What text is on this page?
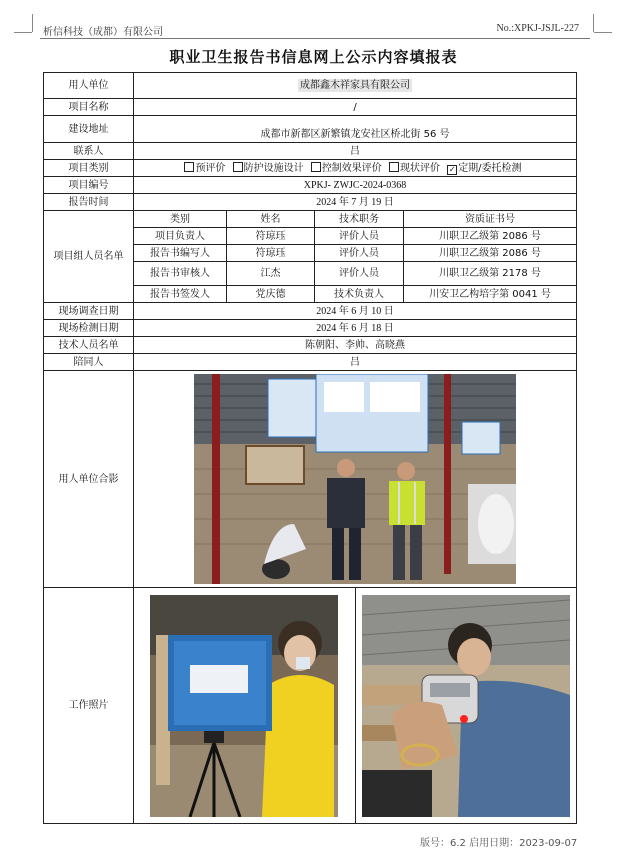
析信科技（成都）有限公司	No.:XPKJ-JSJL-227
职业卫生报告书信息网上公示内容填报表
用人单位	成都鑫木祥家具有限公司
项目名称	/
建设地址	成都市新都区新繁镇龙安社区桥北街 56 号
联系人	吕
项目类别	预评价 防护设施设计 控制效果评价 现状评价 ✓ 定期/委托检测
项目编号	XPKJ- ZWJC-2024-0368
报告时间	2024 年 7 月 19 日
项目组人员名单	类别	姓名	技术职务	资质证书号
项目负责人	符琼珏	评价人员	川职卫乙级第 2086 号
报告书编写人	符琼珏	评价人员	川职卫乙级第 2086 号
报告书审核人	江杰	评价人员	川职卫乙级第 2178 号
报告书签发人	党庆德	技术负责人	川安卫乙构培字第 0041 号
现场调查日期	2024 年 6 月 10 日
现场检测日期	2024 年 6 月 18 日
技术人员名单	陈朝阳、李帅、高晓燕
陪同人	吕
用人单位合影	

工作照片	

版号：6.2 启用日期：2023-09-07
